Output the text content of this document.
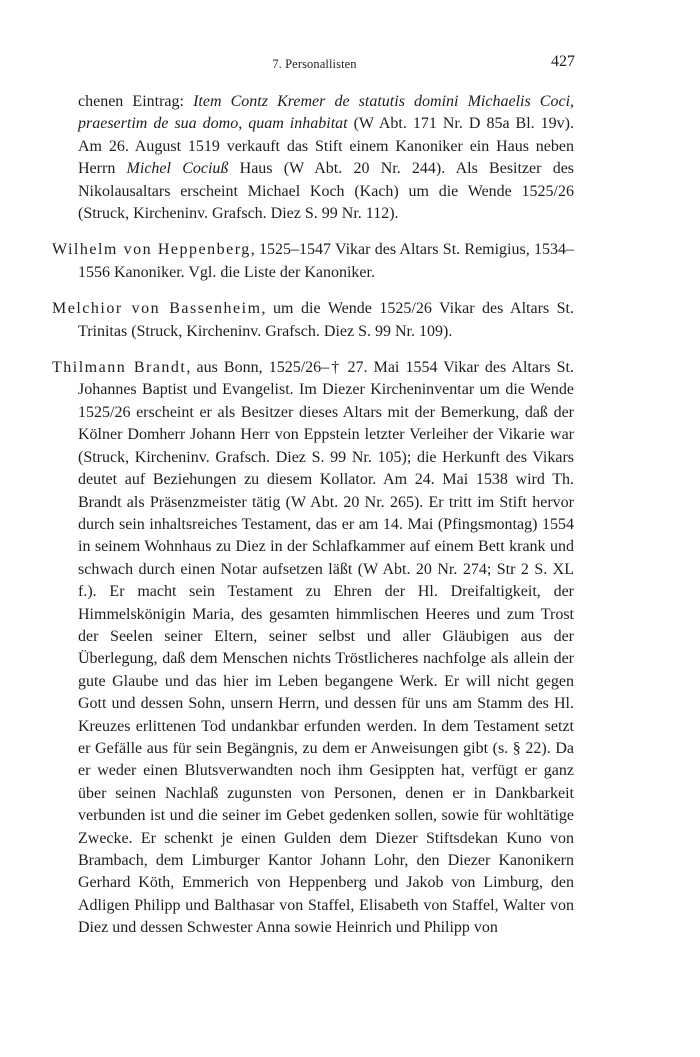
7. Personallisten	427

chenen Eintrag: Item Contz Kremer de statutis domini Michaelis Coci, praesertim de sua domo, quam inhabitat (W Abt. 171 Nr. D 85a Bl. 19v). Am 26. August 1519 verkauft das Stift einem Kanoniker ein Haus neben Herrn Michel Cociuß Haus (W Abt. 20 Nr. 244). Als Besitzer des Nikolausaltars erscheint Michael Koch (Kach) um die Wende 1525/26 (Struck, Kircheninv. Grafsch. Diez S. 99 Nr. 112).

Wilhelm von Heppenberg, 1525–1547 Vikar des Altars St. Remigius, 1534–1556 Kanoniker. Vgl. die Liste der Kanoniker.

Melchior von Bassenheim, um die Wende 1525/26 Vikar des Altars St. Trinitas (Struck, Kircheninv. Grafsch. Diez S. 99 Nr. 109).

Thilmann Brandt, aus Bonn, 1525/26–† 27. Mai 1554 Vikar des Altars St. Johannes Baptist und Evangelist. Im Diezer Kircheninventar um die Wende 1525/26 erscheint er als Besitzer dieses Altars mit der Bemerkung, daß der Kölner Domherr Johann Herr von Eppstein letzter Verleiher der Vikarie war (Struck, Kircheninv. Grafsch. Diez S. 99 Nr. 105); die Herkunft des Vikars deutet auf Beziehungen zu diesem Kollator. Am 24. Mai 1538 wird Th. Brandt als Präsenzmeister tätig (W Abt. 20 Nr. 265). Er tritt im Stift hervor durch sein inhaltsreiches Testament, das er am 14. Mai (Pfingsmontag) 1554 in seinem Wohnhaus zu Diez in der Schlafkammer auf einem Bett krank und schwach durch einen Notar aufsetzen läßt (W Abt. 20 Nr. 274; Str 2 S. XL f.). Er macht sein Testament zu Ehren der Hl. Dreifaltigkeit, der Himmelskönigin Maria, des gesamten himmlischen Heeres und zum Trost der Seelen seiner Eltern, seiner selbst und aller Gläubigen aus der Überlegung, daß dem Menschen nichts Tröstlicheres nachfolge als allein der gute Glaube und das hier im Leben begangene Werk. Er will nicht gegen Gott und dessen Sohn, unsern Herrn, und dessen für uns am Stamm des Hl. Kreuzes erlittenen Tod undankbar erfunden werden. In dem Testament setzt er Gefälle aus für sein Begängnis, zu dem er Anweisungen gibt (s. § 22). Da er weder einen Blutsverwandten noch ihm Gesippten hat, verfügt er ganz über seinen Nachlaß zugunsten von Personen, denen er in Dankbarkeit verbunden ist und die seiner im Gebet gedenken sollen, sowie für wohltätige Zwecke. Er schenkt je einen Gulden dem Diezer Stiftsdekan Kuno von Brambach, dem Limburger Kantor Johann Lohr, den Diezer Kanonikern Gerhard Köth, Emmerich von Heppenberg und Jakob von Limburg, den Adligen Philipp und Balthasar von Staffel, Elisabeth von Staffel, Walter von Diez und dessen Schwester Anna sowie Heinrich und Philipp von
